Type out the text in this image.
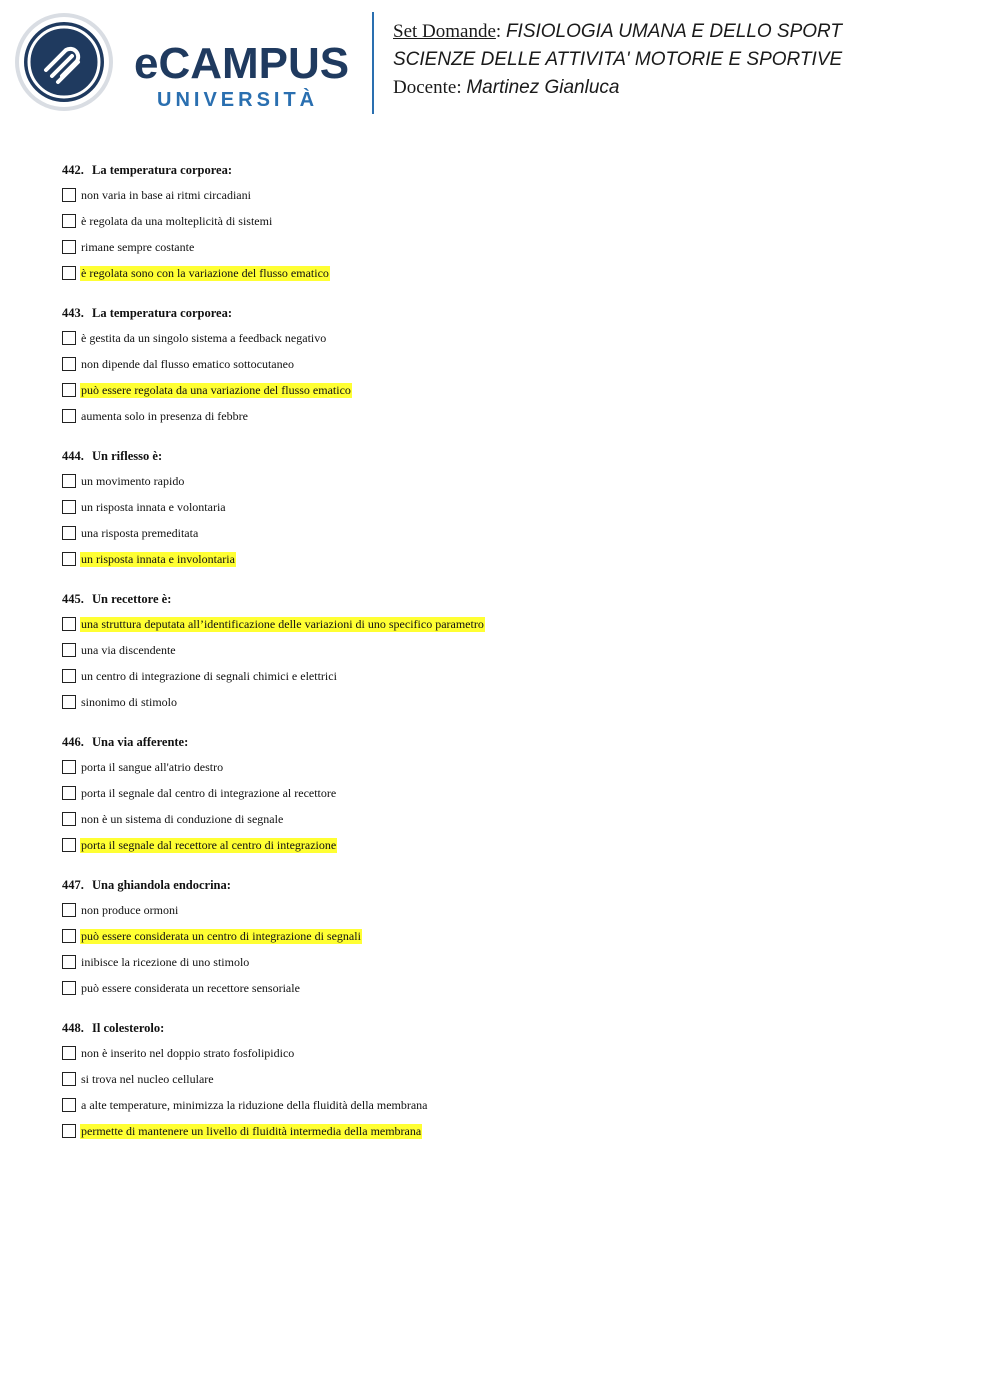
eCAMPUS
UNIVERSITÀ
Set Domande: FISIOLOGIA UMANA E DELLO SPORT
SCIENZE DELLE ATTIVITA' MOTORIE E SPORTIVE
Docente: Martinez Gianluca
442. La temperatura corporea:
non varia in base ai ritmi circadiani
è regolata da una molteplicità di sistemi
rimane sempre costante
è regolata sono con la variazione del flusso ematico
443. La temperatura corporea:
è gestita da un singolo sistema a feedback negativo
non dipende dal flusso ematico sottocutaneo
può essere regolata da una variazione del flusso ematico
aumenta solo in presenza di febbre
444. Un riflesso è:
un movimento rapido
un risposta innata e volontaria
una risposta premeditata
un risposta innata e involontaria
445. Un recettore è:
una struttura deputata all’identificazione delle variazioni di uno specifico parametro
una via discendente
un centro di integrazione di segnali chimici e elettrici
sinonimo di stimolo
446. Una via afferente:
porta il sangue all'atrio destro
porta il segnale dal centro di integrazione al recettore
non è un sistema di conduzione di segnale
porta il segnale dal recettore al centro di integrazione
447. Una ghiandola endocrina:
non produce ormoni
può essere considerata un centro di integrazione di segnali
inibisce la ricezione di uno stimolo
può essere considerata un recettore sensoriale
448. Il colesterolo:
non è inserito nel doppio strato fosfolipidico
si trova nel nucleo cellulare
a alte temperature, minimizza la riduzione della fluidità della membrana
permette di mantenere un livello di fluidità intermedia della membrana
